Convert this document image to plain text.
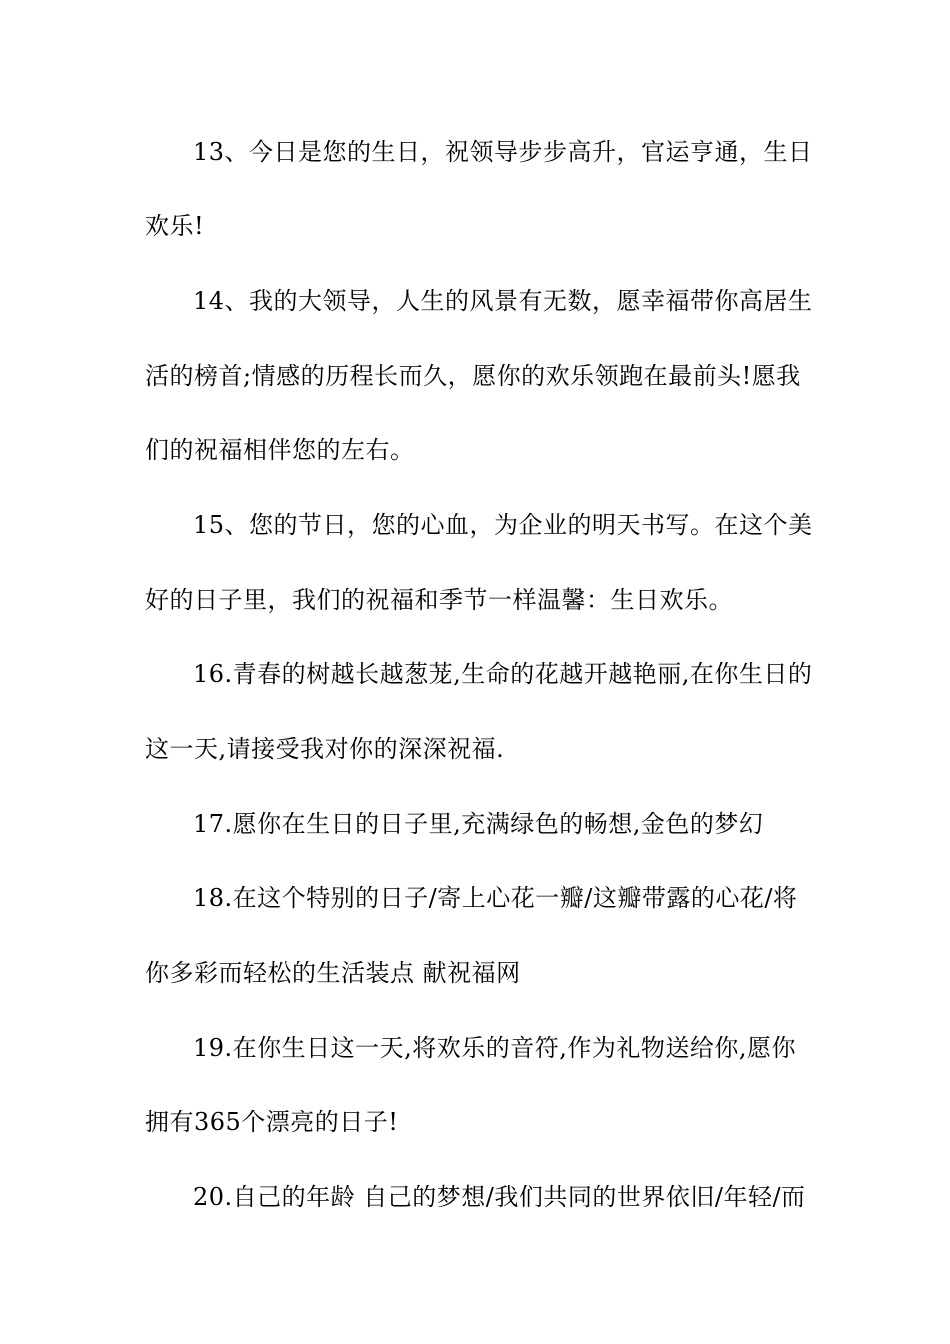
13、今日是您的生日，祝领导步步高升，官运亨通，生日
欢乐!
14、我的大领导，人生的风景有无数，愿幸福带你高居生
活的榜首;情感的历程长而久，愿你的欢乐领跑在最前头!愿我
们的祝福相伴您的左右。
15、您的节日，您的心血，为企业的明天书写。在这个美
好的日子里，我们的祝福和季节一样温馨：生日欢乐。
16.青春的树越长越葱茏,生命的花越开越艳丽,在你生日的
这一天,请接受我对你的深深祝福.
17.愿你在生日的日子里,充满绿色的畅想,金色的梦幻
18.在这个特别的日子/寄上心花一瓣/这瓣带露的心花/将
你多彩而轻松的生活装点 献祝福网
19.在你生日这一天,将欢乐的音符,作为礼物送给你,愿你
拥有365个漂亮的日子!
20.自己的年龄 自己的梦想/我们共同的世界依旧/年轻/而
